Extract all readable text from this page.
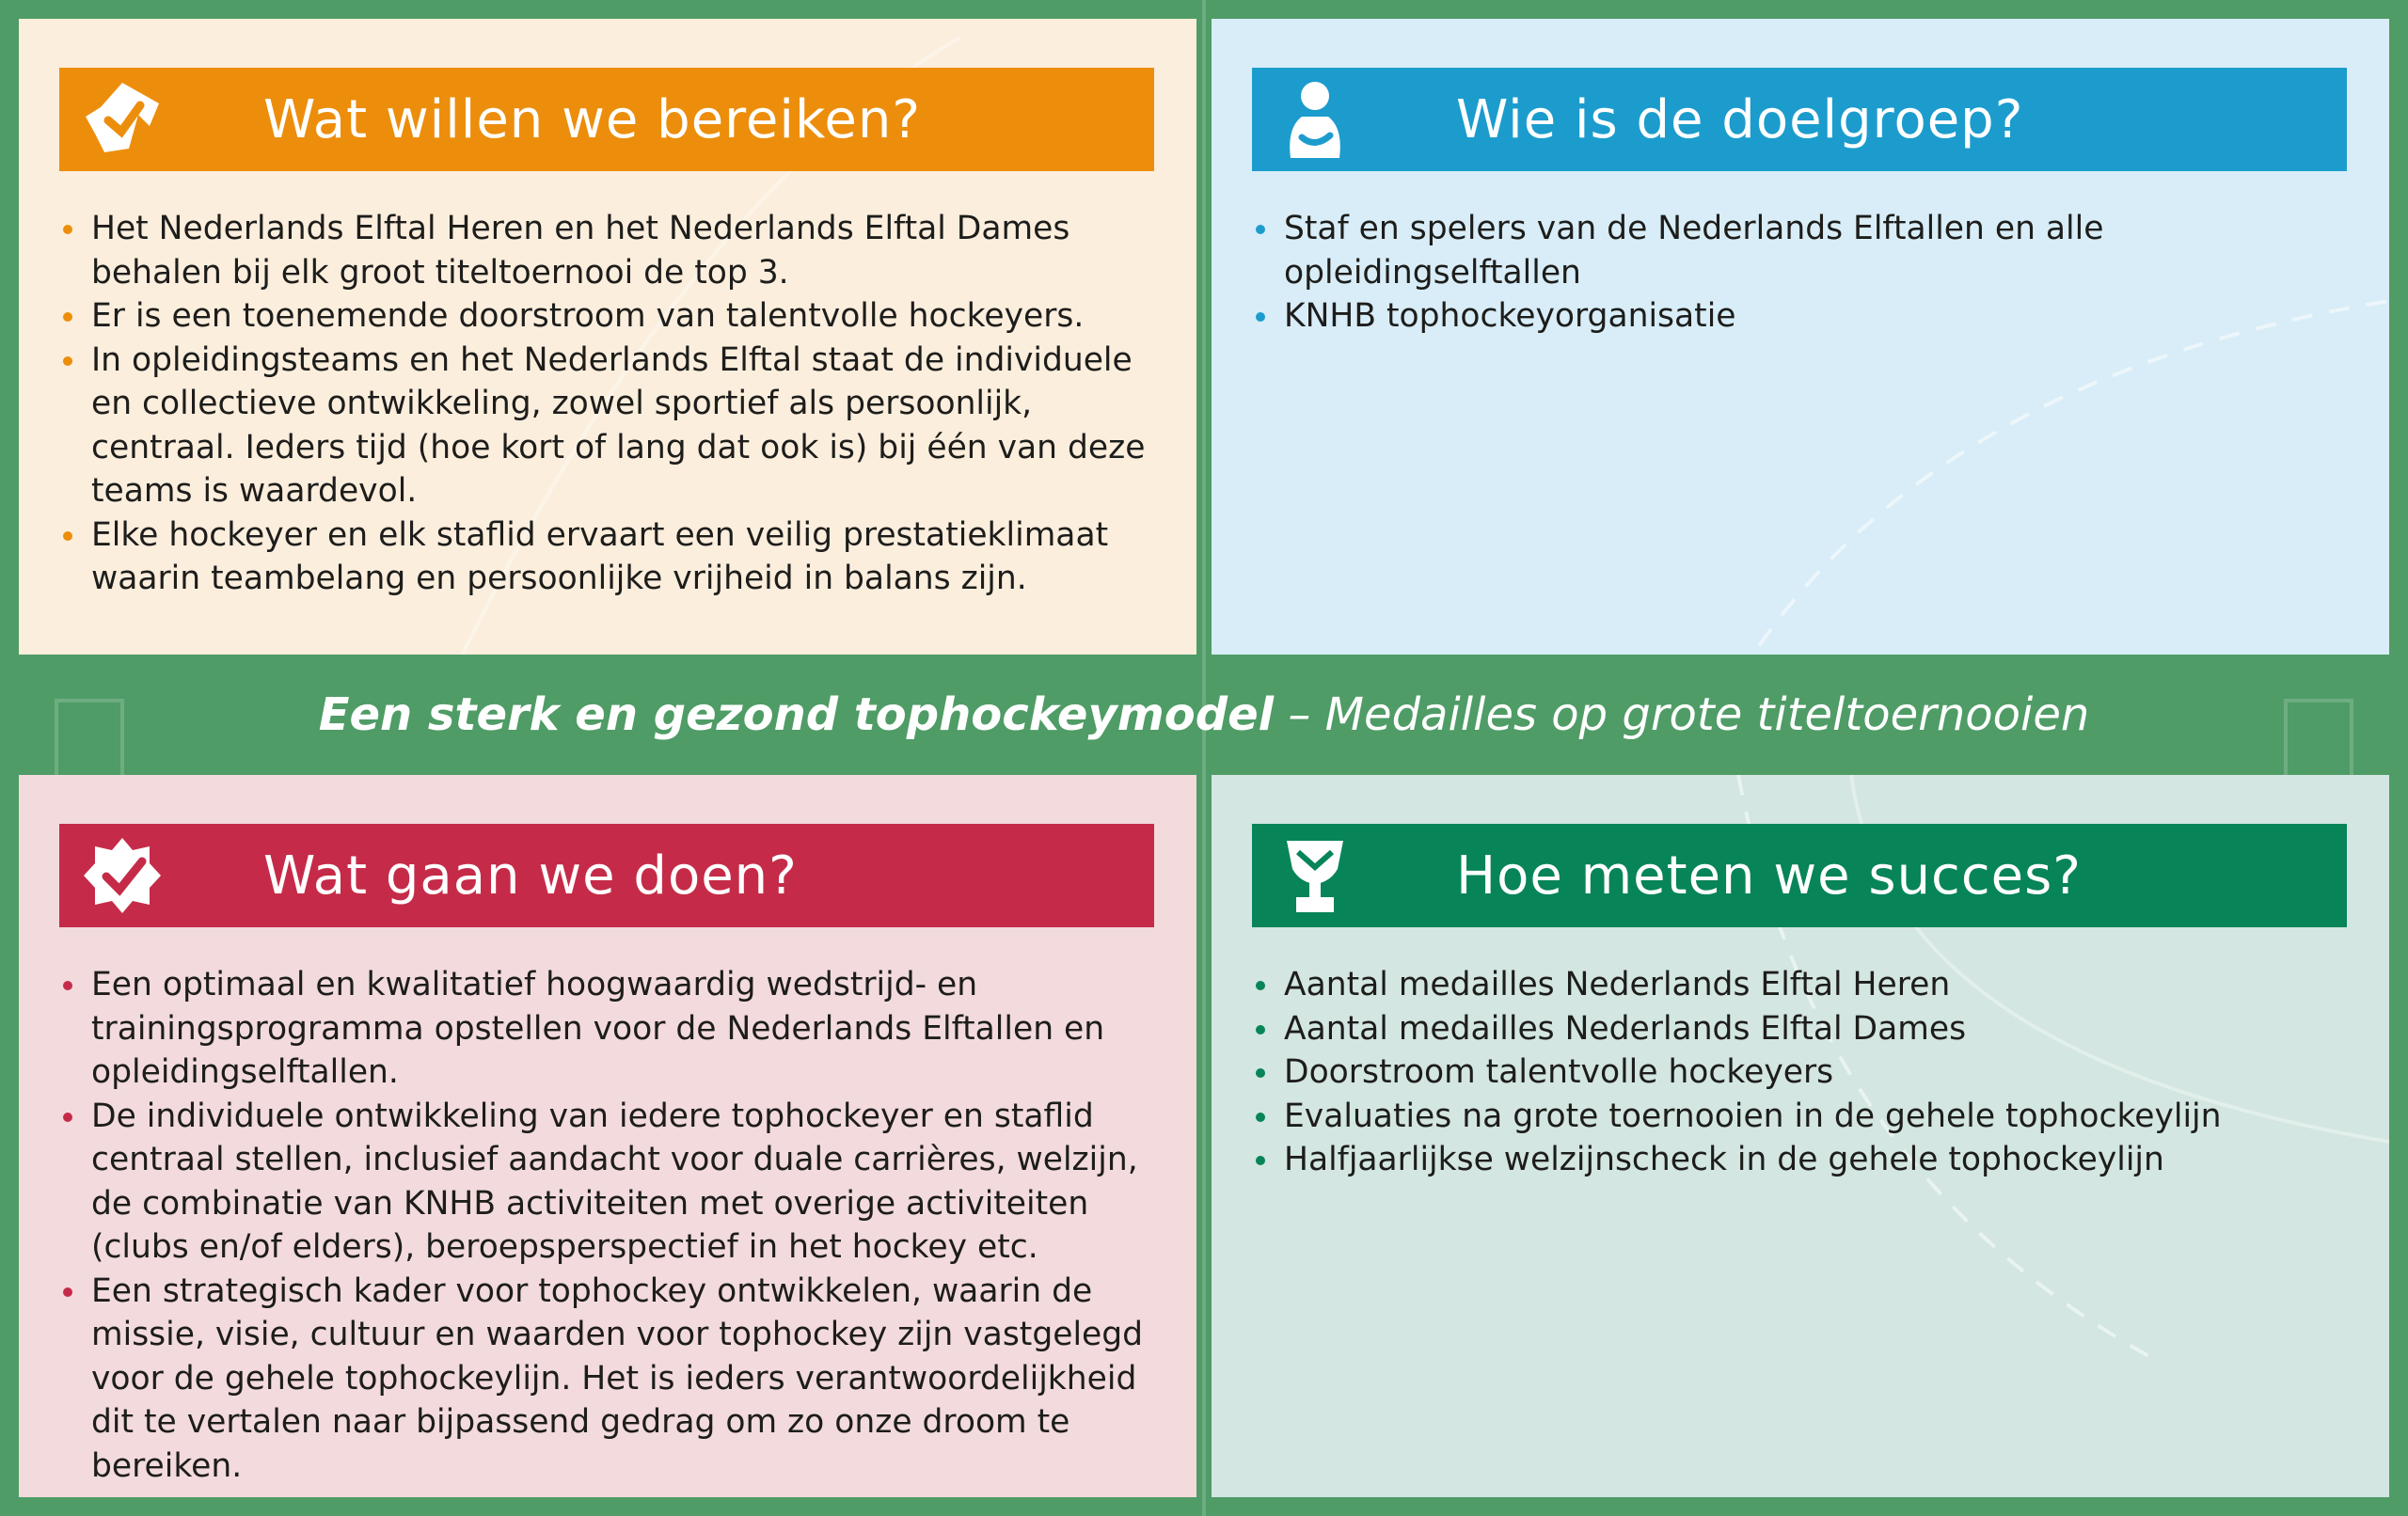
Wat willen we bereiken?
Het Nederlands Elftal Heren en het Nederlands Elftal Dames behalen bij elk groot titeltoernooi de top 3.
Er is een toenemende doorstroom van talentvolle hockeyers.
In opleidingsteams en het Nederlands Elftal staat de individuele en collectieve ontwikkeling, zowel sportief als persoonlijk, centraal. Ieders tijd (hoe kort of lang dat ook is) bij één van deze teams is waardevol.
Elke hockeyer en elk staflid ervaart een veilig prestatieklimaat waarin teambelang en persoonlijke vrijheid in balans zijn.
Wie is de doelgroep?
Staf en spelers van de Nederlands Elftallen en alle opleidingselftallen
KNHB tophockeyorganisatie
Een sterk en gezond tophockeymodel – Medailles op grote titeltoernooien
Wat gaan we doen?
Een optimaal en kwalitatief hoogwaardig wedstrijd- en trainingsprogramma opstellen voor de Nederlands Elftallen en opleidingselftallen.
De individuele ontwikkeling van iedere tophockeyer en staflid centraal stellen, inclusief aandacht voor duale carrières, welzijn, de combinatie van KNHB activiteiten met overige activiteiten (clubs en/of elders), beroepsperspectief in het hockey etc.
Een strategisch kader voor tophockey ontwikkelen, waarin de missie, visie, cultuur en waarden voor tophockey zijn vastgelegd voor de gehele tophockeylijn. Het is ieders verantwoordelijkheid dit te vertalen naar bijpassend gedrag om zo onze droom te bereiken.
Hoe meten we succes?
Aantal medailles Nederlands Elftal Heren
Aantal medailles Nederlands Elftal Dames
Doorstroom talentvolle hockeyers
Evaluaties na grote toernooien in de gehele tophockeylijn
Halfjaarlijkse welzijnscheck in de gehele tophockeylijn
